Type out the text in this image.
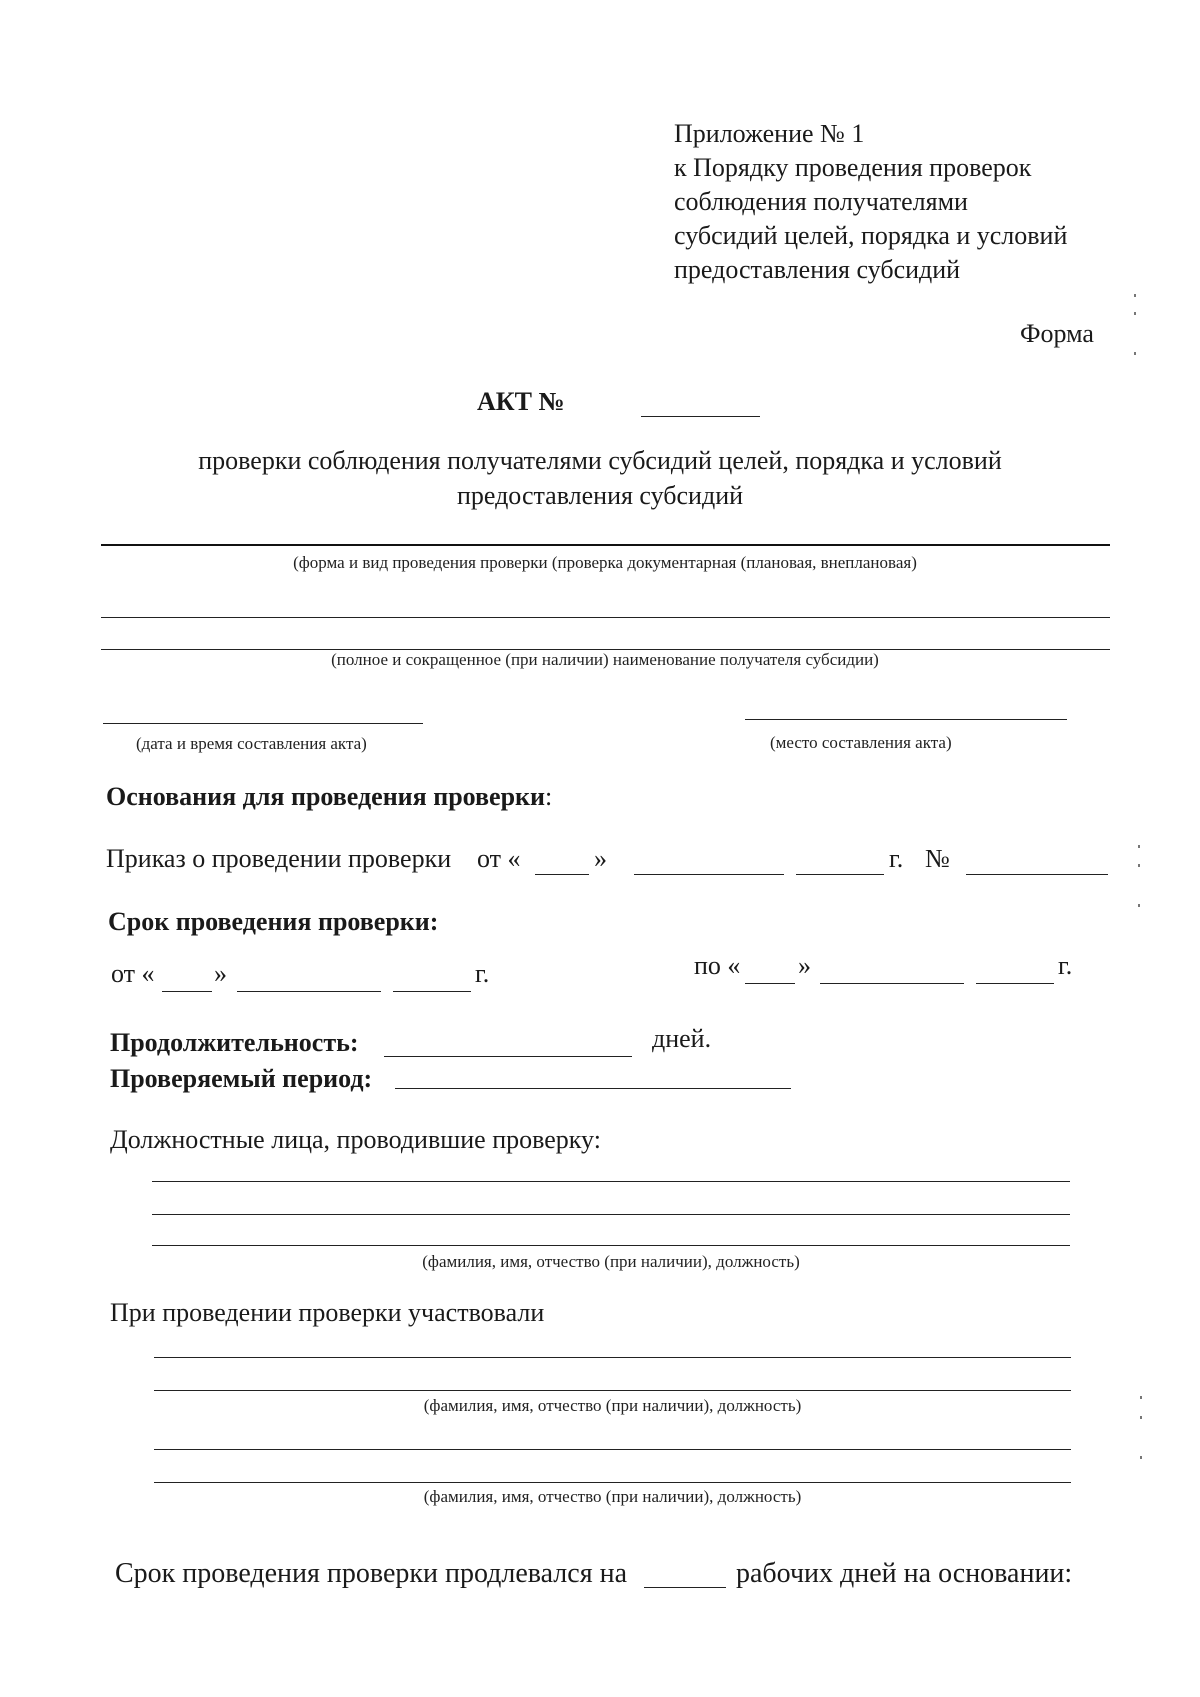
Приложение № 1
к Порядку проведения проверок
соблюдения получателями
субсидий целей, порядка и условий
предоставления субсидий
Форма
АКТ №
проверки соблюдения получателями субсидий целей, порядка и условий
предоставления субсидий
(форма и вид проведения проверки (проверка документарная (плановая, внеплановая)
(полное и сокращенное (при наличии) наименование получателя субсидии)
(дата и время составления акта)	(место составления акта)
Основания для проведения проверки:
Приказ о проведении проверки от «	»	г. №
Срок проведения проверки:
от « »	г.	по « »	г.
Продолжительность:	дней.
Проверяемый период:
Должностные лица, проводившие проверку:
(фамилия, имя, отчество (при наличии), должность)
При проведении проверки участвовали
(фамилия, имя, отчество (при наличии), должность)
(фамилия, имя, отчество (при наличии), должность)
Срок проведения проверки продлевался на	рабочих дней на основании:
